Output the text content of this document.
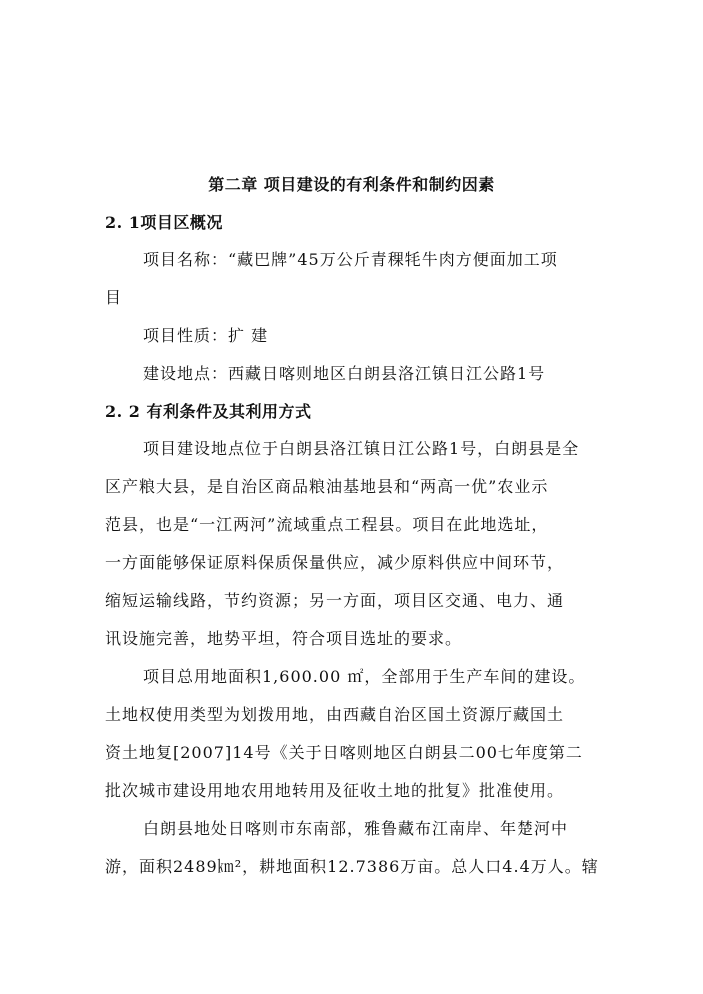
第二章 项目建设的有利条件和制约因素
2. 1项目区概况
项目名称：“藏巴牌”45万公斤青稞牦牛肉方便面加工项
目
项目性质：扩 建
建设地点：西藏日喀则地区白朗县洛江镇日江公路1号
2. 2 有利条件及其利用方式
项目建设地点位于白朗县洛江镇日江公路1号，白朗县是全
区产粮大县，是自治区商品粮油基地县和“两高一优”农业示
范县，也是“一江两河”流域重点工程县。项目在此地选址，
一方面能够保证原料保质保量供应，减少原料供应中间环节，
缩短运输线路，节约资源；另一方面，项目区交通、电力、通
讯设施完善，地势平坦，符合项目选址的要求。
项目总用地面积1,600.00 ㎡，全部用于生产车间的建设。
土地权使用类型为划拨用地，由西藏自治区国土资源厅藏国土
资土地复[2007]14号《关于日喀则地区白朗县二00七年度第二
批次城市建设用地农用地转用及征收土地的批复》批准使用。
白朗县地处日喀则市东南部，雅鲁藏布江南岸、年楚河中
游，面积2489㎞²，耕地面积12.7386万亩。总人口4.4万人。辖
